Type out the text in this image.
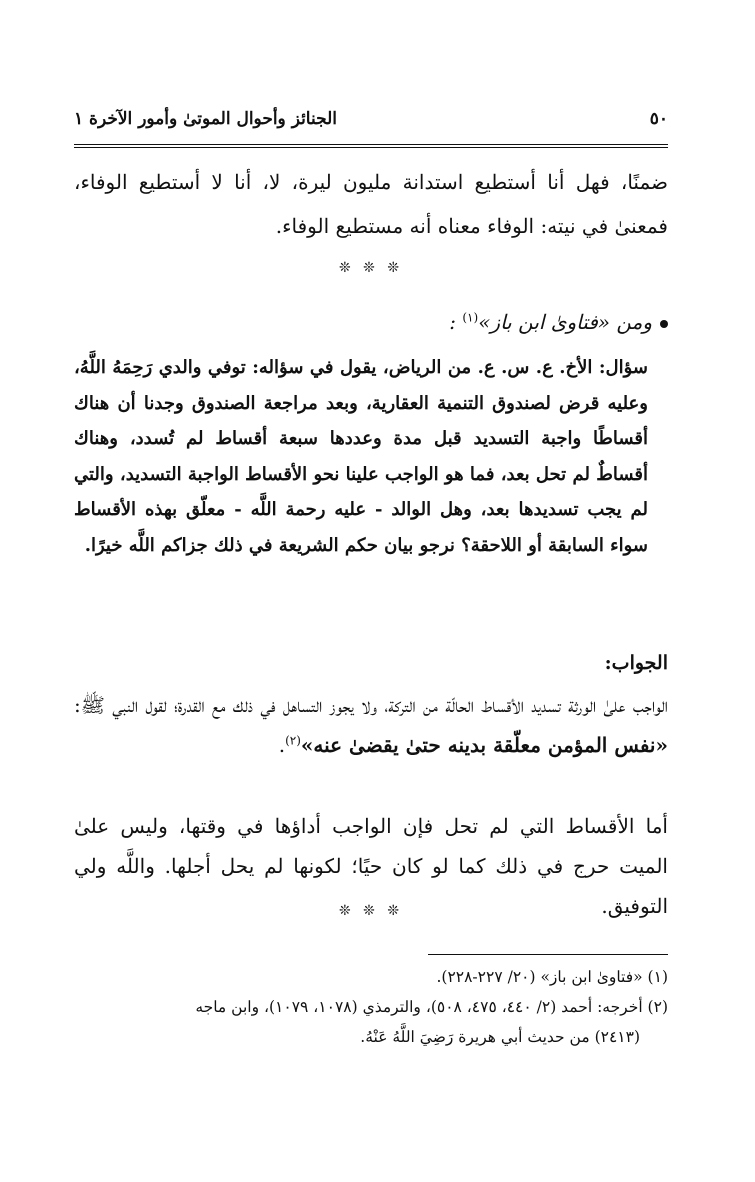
٥٠
الجنائز وأحوال الموتىٰ وأمور الآخرة ١

ضمنًا، فهل أنا أستطيع استدانة مليون ليرة، لا، أنا لا أستطيع الوفاء، فمعنىٰ في نيته: الوفاء معناه أنه مستطيع الوفاء.

❊ ❊ ❊
ومن «فتاوىٰ ابن باز»$^{(١)}$ :

سؤال: الأخ. ع. س. ع. من الرياض، يقول في سؤاله: توفي والدي رَحِمَهُ اللَّهُ، وعليه قرض لصندوق التنمية العقارية، وبعد مراجعة الصندوق وجدنا أن هناك أقساطًا واجبة التسديد قبل مدة وعددها سبعة أقساط لم تُسدد، وهناك أقساطٌ لم تحل بعد، فما هو الواجب علينا نحو الأقساط الواجبة التسديد، والتي لم يجب تسديدها بعد، وهل الوالد - عليه رحمة اللَّه - معلّق بهذه الأقساط سواء السابقة أو اللاحقة؟ نرجو بيان حكم الشريعة في ذلك جزاكم اللَّه خيرًا.

الجواب:

الواجب علىٰ الورثة تسديد الأقساط الحالّة من التركة، ولا يجوز التساهل في ذلك مع القدرة؛ لقول النبي ﷺ: «نفس المؤمن معلّقة بدينه حتىٰ يقضىٰ عنه»$^{(٢)}$.

أما الأقساط التي لم تحل فإن الواجب أداؤها في وقتها، وليس علىٰ الميت حرج في ذلك كما لو كان حيًا؛ لكونها لم يحل أجلها. واللَّه ولي التوفيق.

❊ ❊ ❊
(١) «فتاوىٰ ابن باز» (٢٠/ ٢٢٧-٢٢٨).
(٢) أخرجه: أحمد (٢/ ٤٤٠، ٤٧٥، ٥٠٨)، والترمذي (١٠٧٨، ١٠٧٩)، وابن ماجه
(٢٤١٣) من حديث أبي هريرة رَضِيَ اللَّهُ عَنْهُ.
